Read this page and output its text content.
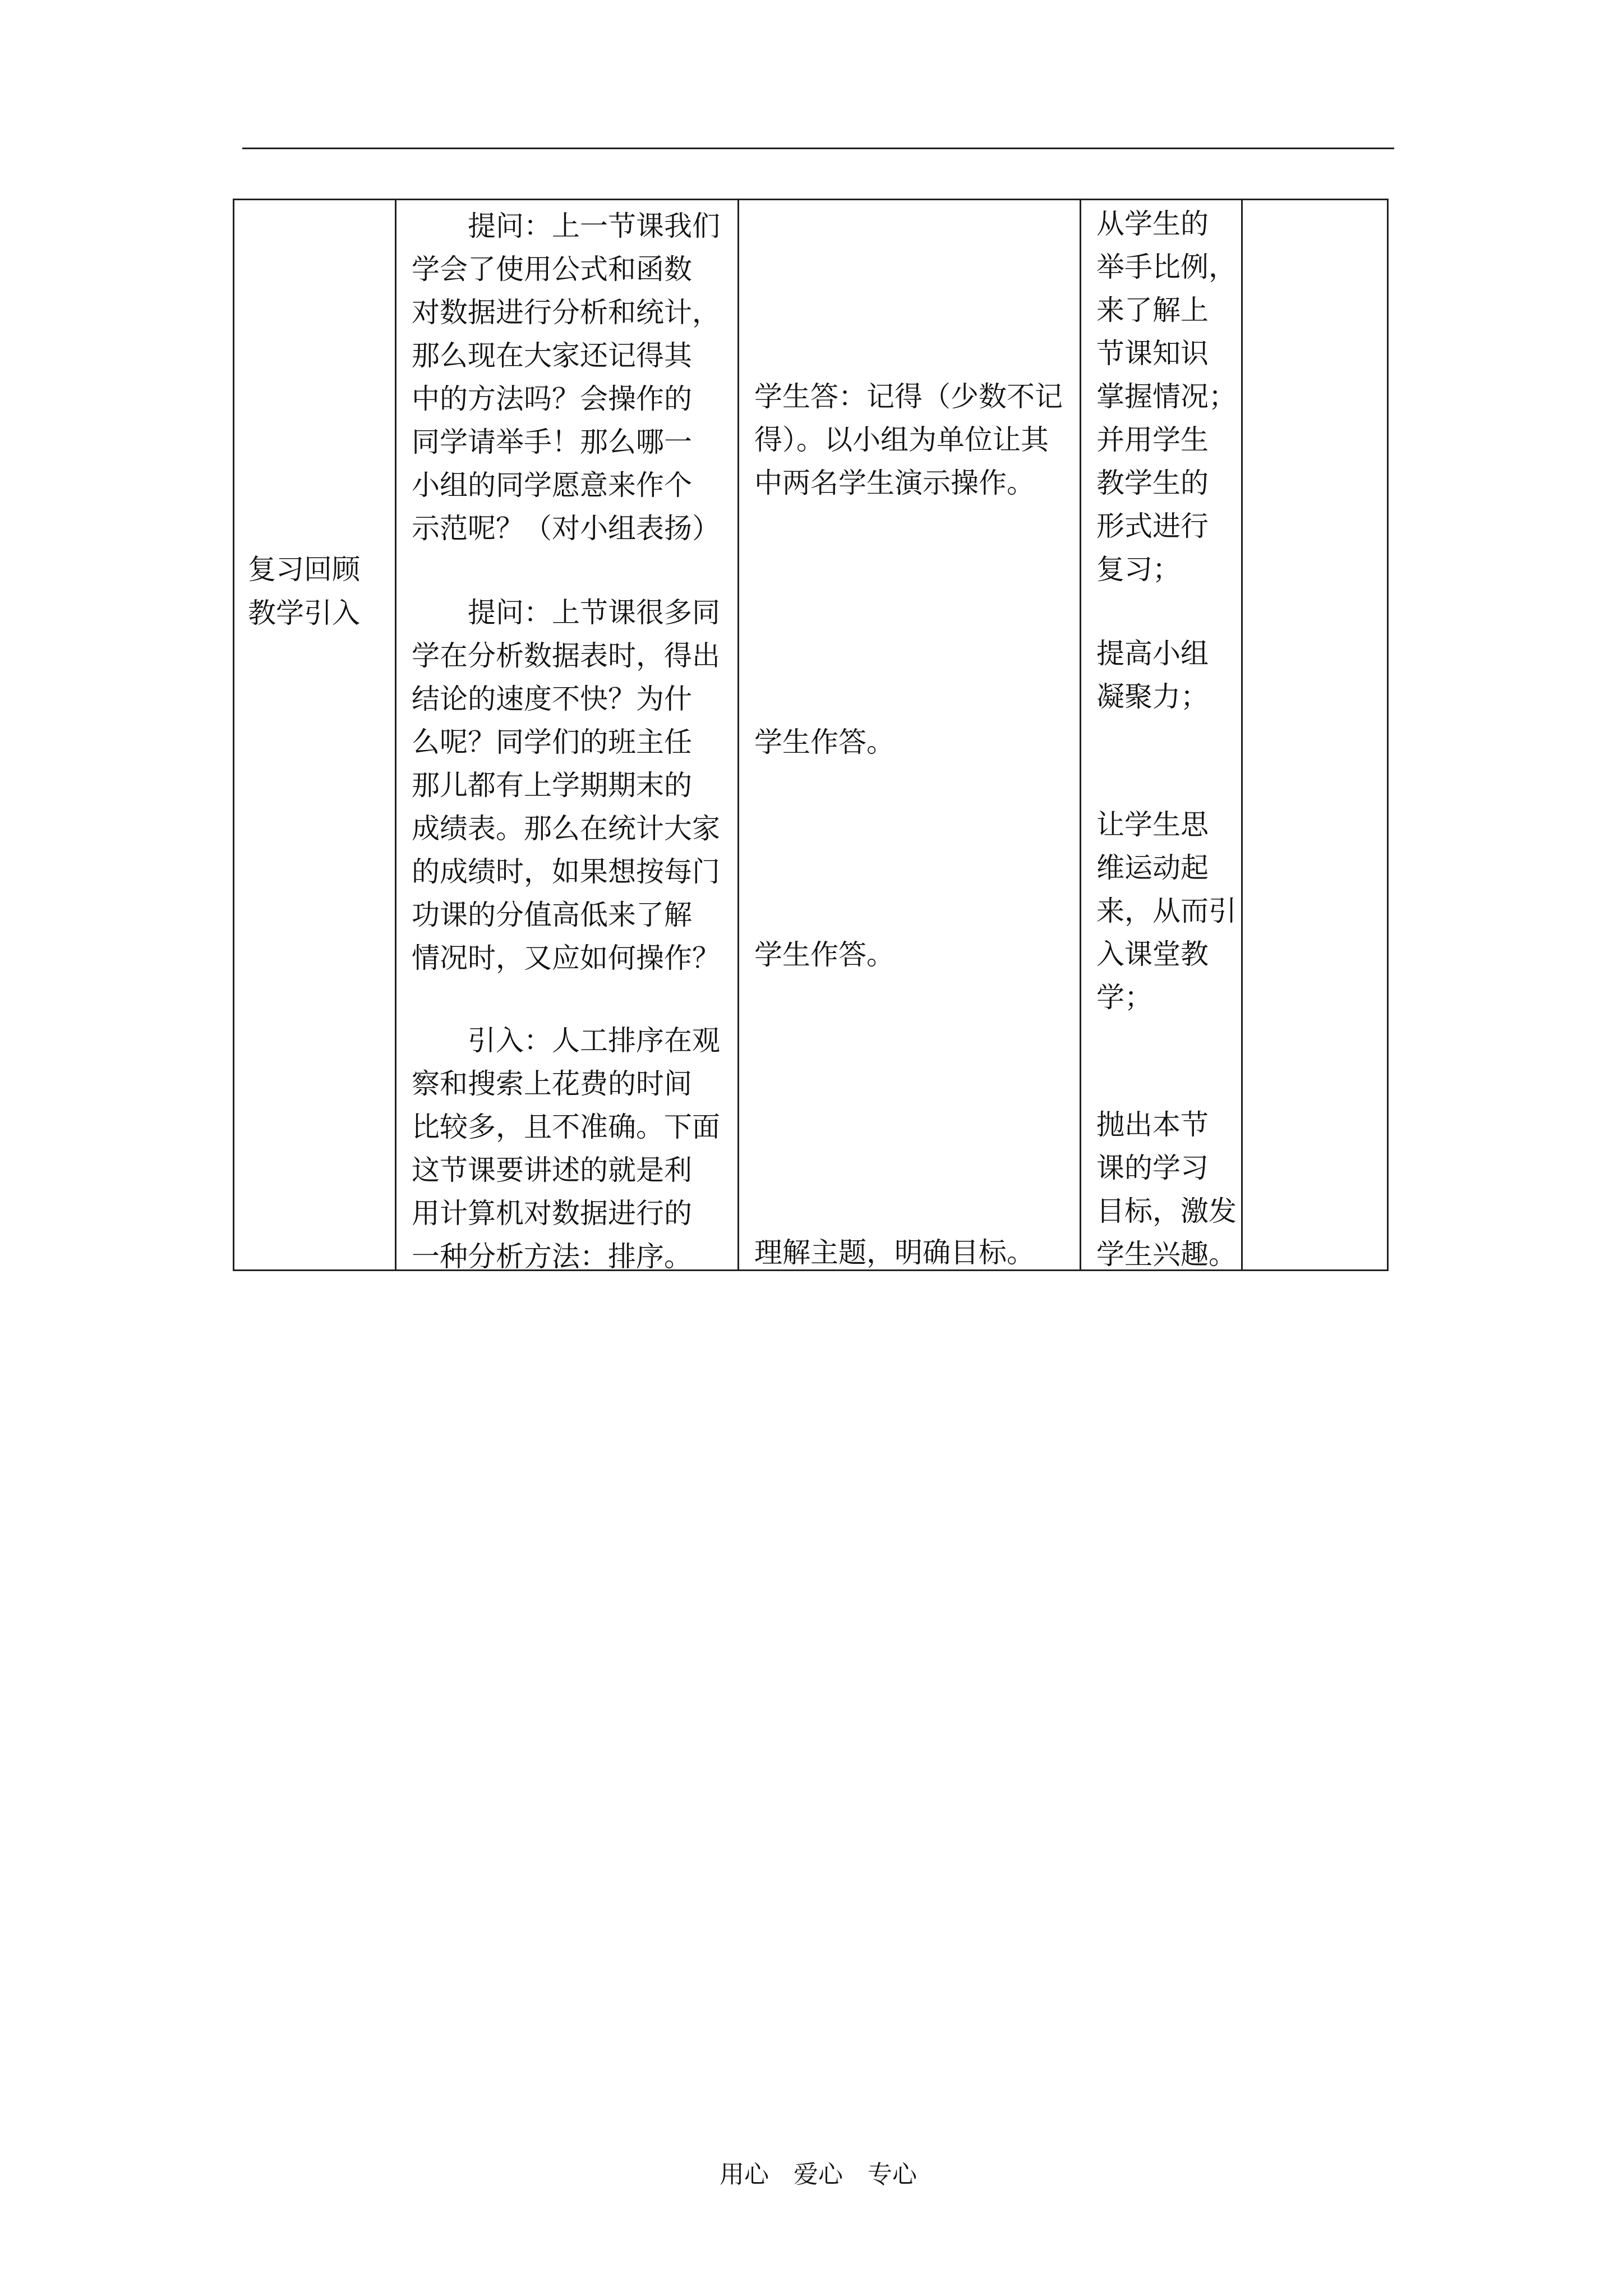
复习回顾
教学引入
提问：上一节课我们
学会了使用公式和函数
对数据进行分析和统计，
那么现在大家还记得其
中的方法吗？会操作的
同学请举手！那么哪一
小组的同学愿意来作个
示范呢？（对小组表扬）
提问：上节课很多同
学在分析数据表时，得出
结论的速度不快？为什
么呢？同学们的班主任
那儿都有上学期期末的
成绩表。那么在统计大家
的成绩时，如果想按每门
功课的分值高低来了解
情况时，又应如何操作？
引入：人工排序在观
察和搜索上花费的时间
比较多，且不准确。下面
这节课要讲述的就是利
用计算机对数据进行的
一种分析方法：排序。
学生答：记得（少数不记
得）。以小组为单位让其
中两名学生演示操作。
学生作答。
学生作答。
理解主题，明确目标。
从学生的
举手比例，
来了解上
节课知识
掌握情况；
并用学生
教学生的
形式进行
复习；
提高小组
凝聚力；
让学生思
维运动起
来，从而引
入课堂教
学；
抛出本节
课的学习
目标，激发
学生兴趣。
用心　爱心　专心
